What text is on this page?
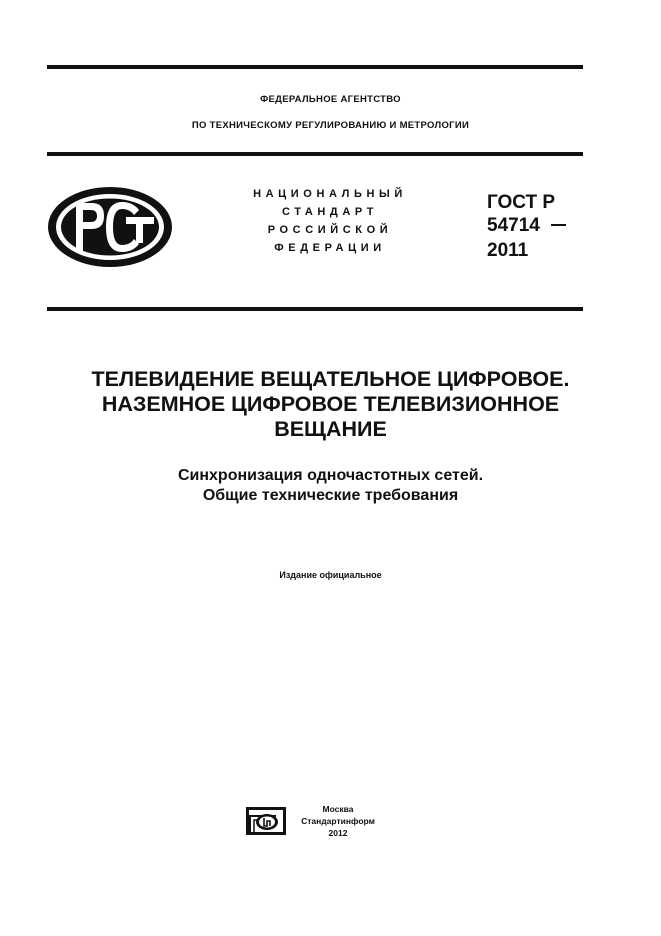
ФЕДЕРАЛЬНОЕ АГЕНТСТВО
ПО ТЕХНИЧЕСКОМУ РЕГУЛИРОВАНИЮ И МЕТРОЛОГИИ
НАЦИОНАЛЬНЫЙ
СТАНДАРТ
РОССИЙСКОЙ
ФЕДЕРАЦИИ
ГОСТ Р
54714
2011
ТЕЛЕВИДЕНИЕ ВЕЩАТЕЛЬНОЕ ЦИФРОВОЕ.
НАЗЕМНОЕ ЦИФРОВОЕ ТЕЛЕВИЗИОННОЕ
ВЕЩАНИЕ
Синхронизация одночастотных сетей.
Общие технические требования
Издание официальное
Москва
Стандартинформ
2012
